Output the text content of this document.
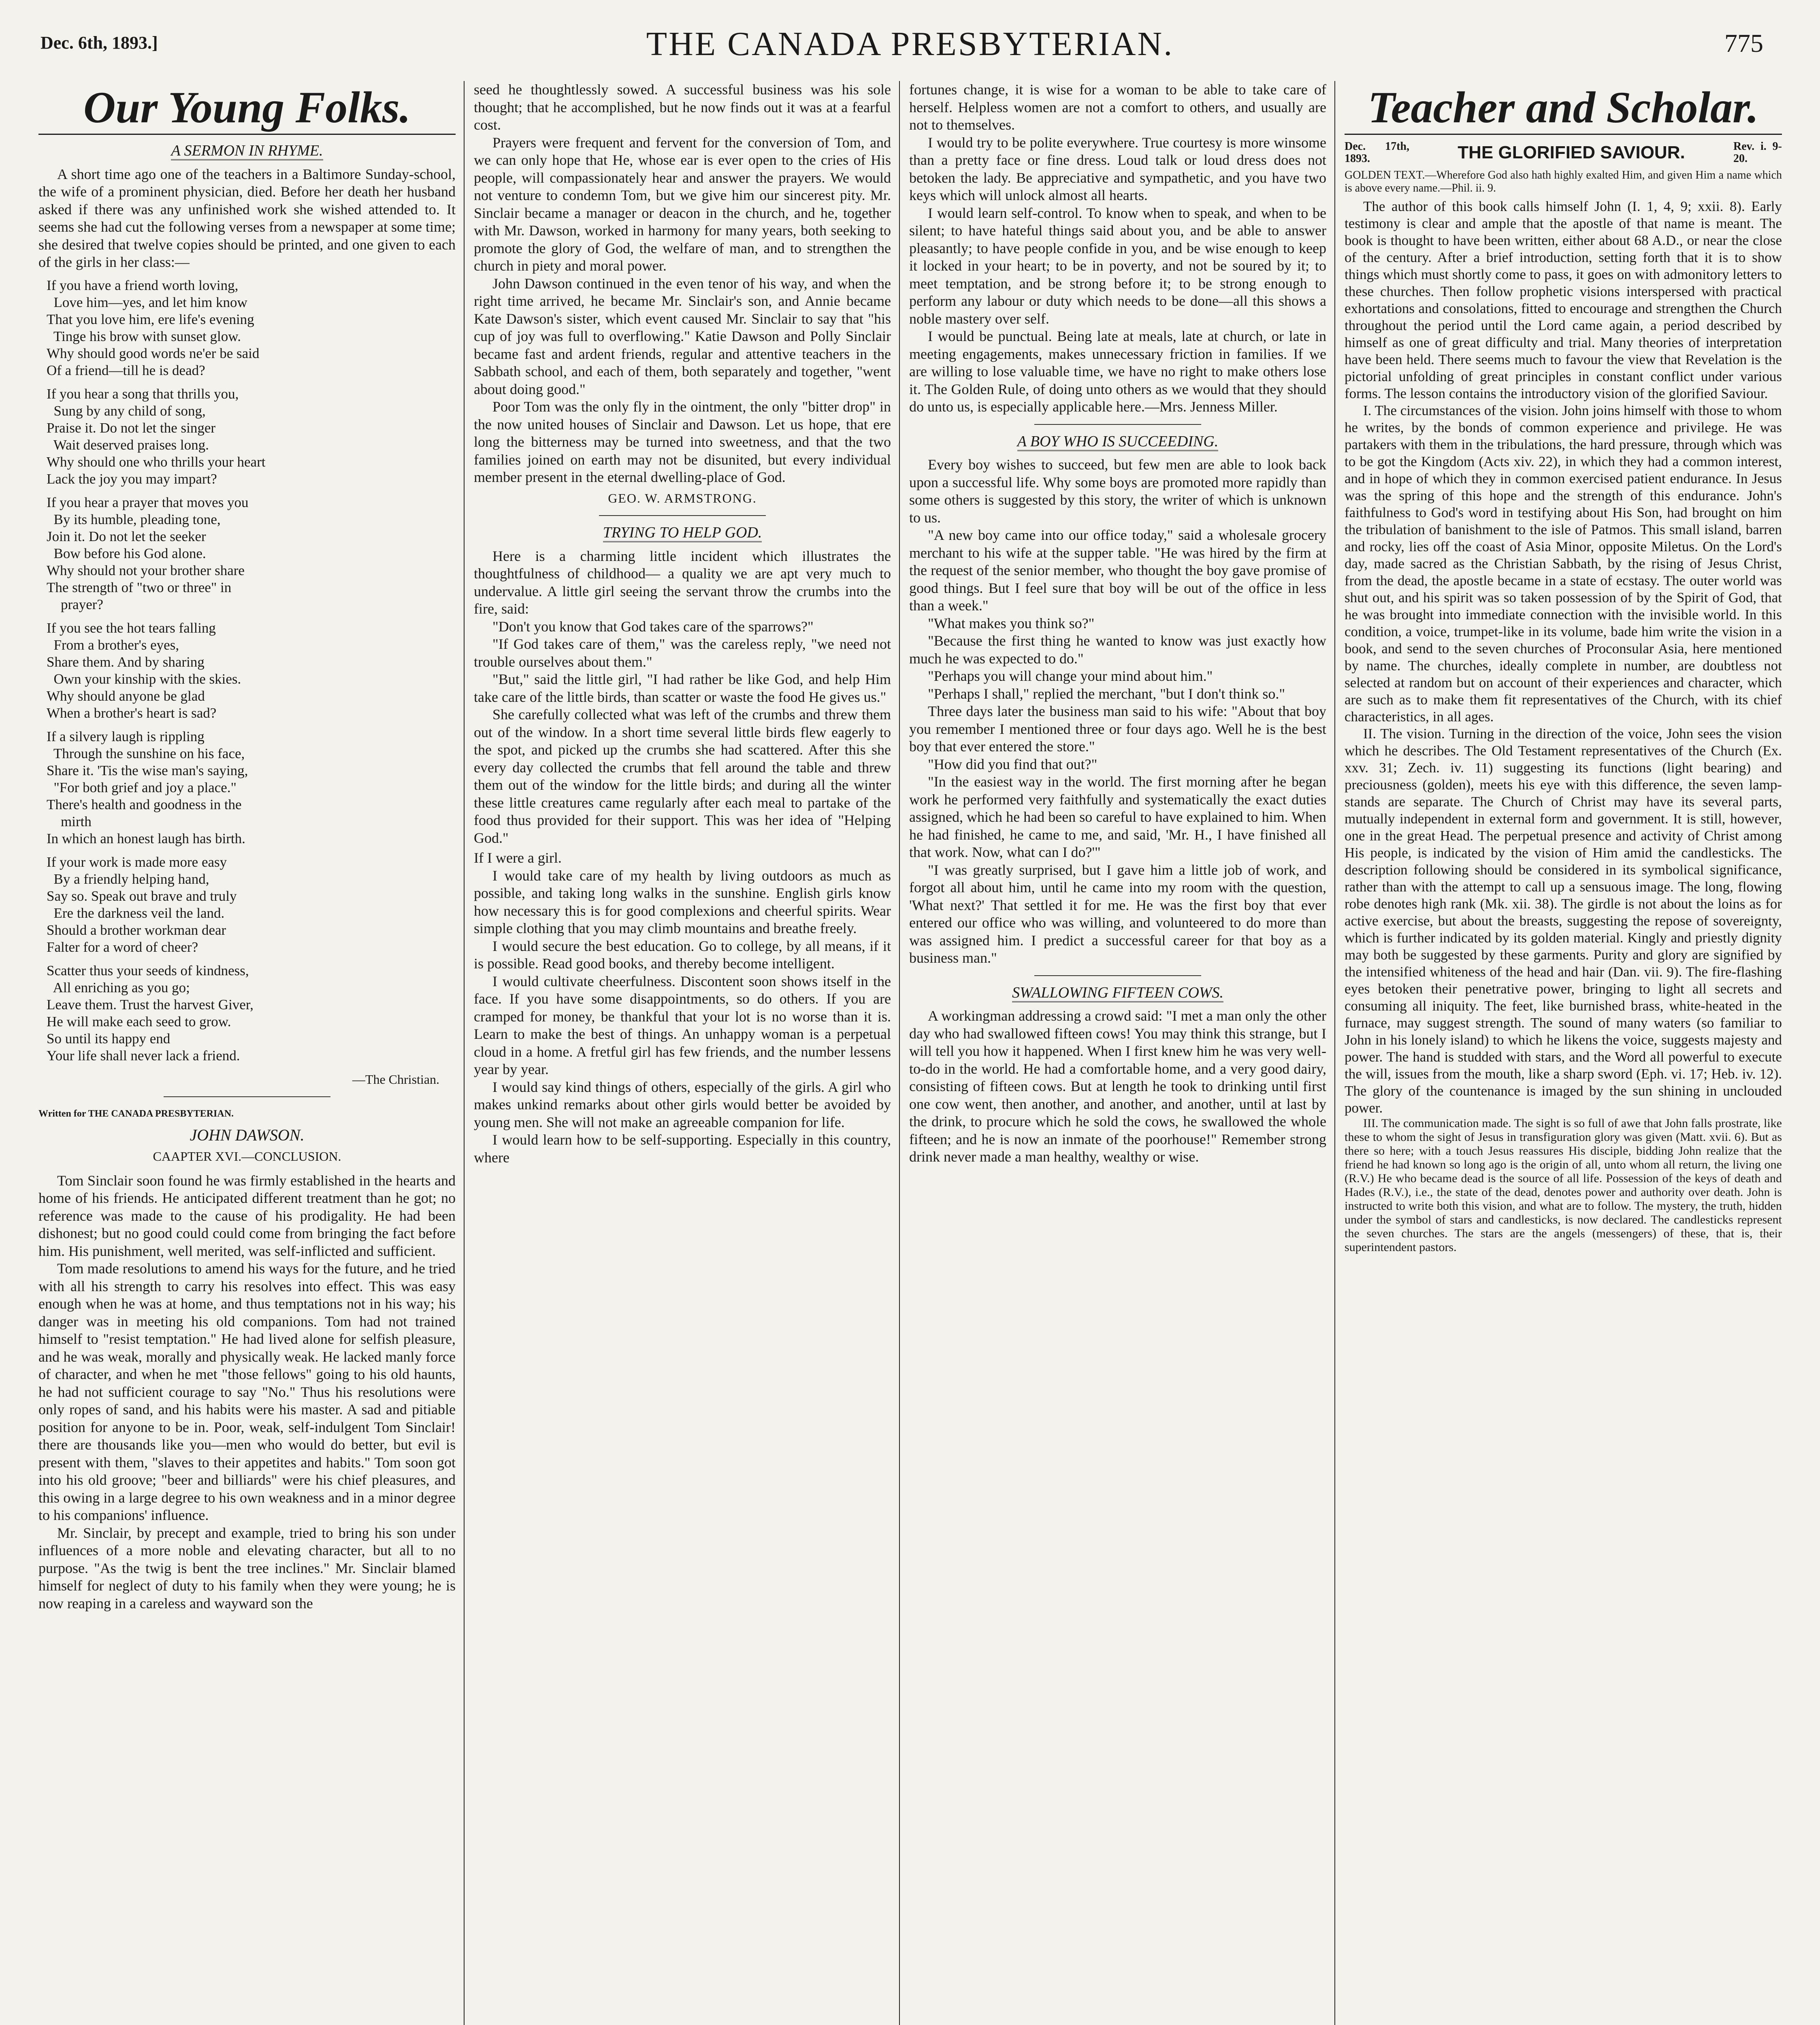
Dec. 6th, 1893.]	THE CANADA PRESBYTERIAN.	775
Our Young Folks.
A SERMON IN RHYME.

A short time ago one of the teachers in a Baltimore Sunday-school, the wife of a prominent physician, died. Before her death her husband asked if there was any unfinished work she wished attended to. It seems she had cut the following verses from a newspaper at some time; she desired that twelve copies should be printed, and one given to each of the girls in her class:—

If you have a friend worth loving,
Love him—yes, and let him know
That you love him, ere life's evening
Tinge his brow with sunset glow.
Why should good words ne'er be said
Of a friend—till he is dead?
If you hear a song that thrills you,
Sung by any child of song,
Praise it. Do not let the singer
Wait deserved praises long.
Why should one who thrills your heart
Lack the joy you may impart?
If you hear a prayer that moves you
By its humble, pleading tone,
Join it. Do not let the seeker
Bow before his God alone.
Why should not your brother share
The strength of "two or three" in
prayer?
If you see the hot tears falling
From a brother's eyes,
Share them. And by sharing
Own your kinship with the skies.
Why should anyone be glad
When a brother's heart is sad?
If a silvery laugh is rippling
Through the sunshine on his face,
Share it. 'Tis the wise man's saying,
"For both grief and joy a place."
There's health and goodness in the
mirth
In which an honest laugh has birth.
If your work is made more easy
By a friendly helping hand,
Say so. Speak out brave and truly
Ere the darkness veil the land.
Should a brother workman dear
Falter for a word of cheer?
Scatter thus your seeds of kindness,
All enriching as you go;
Leave them. Trust the harvest Giver,
He will make each seed to grow.
So until its happy end
Your life shall never lack a friend.
—The Christian.
Written for THE CANADA PRESBYTERIAN.
JOHN DAWSON.
CAAPTER XVI.—CONCLUSION.

Tom Sinclair soon found he was firmly established in the hearts and home of his friends. He anticipated different treatment than he got; no reference was made to the cause of his prodigality. He had been dishonest; but no good could could come from bringing the fact before him. His punishment, well merited, was self-inflicted and sufficient.

Tom made resolutions to amend his ways for the future, and he tried with all his strength to carry his resolves into effect. This was easy enough when he was at home, and thus temptations not in his way; his danger was in meeting his old companions. Tom had not trained himself to "resist temptation." He had lived alone for selfish pleasure, and he was weak, morally and physically weak. He lacked manly force of character, and when he met "those fellows" going to his old haunts, he had not sufficient courage to say "No." Thus his resolutions were only ropes of sand, and his habits were his master. A sad and pitiable position for anyone to be in. Poor, weak, self-indulgent Tom Sinclair! there are thousands like you—men who would do better, but evil is present with them, "slaves to their appetites and habits." Tom soon got into his old groove; "beer and billiards" were his chief pleasures, and this owing in a large degree to his own weakness and in a minor degree to his companions' influence.

Mr. Sinclair, by precept and example, tried to bring his son under influences of a more noble and elevating character, but all to no purpose. "As the twig is bent the tree inclines." Mr. Sinclair blamed himself for neglect of duty to his family when they were young; he is now reaping in a careless and wayward son the

seed he thoughtlessly sowed. A successful business was his sole thought; that he accomplished, but he now finds out it was at a fearful cost.

Prayers were frequent and fervent for the conversion of Tom, and we can only hope that He, whose ear is ever open to the cries of His people, will compassionately hear and answer the prayers. We would not venture to condemn Tom, but we give him our sincerest pity. Mr. Sinclair became a manager or deacon in the church, and he, together with Mr. Dawson, worked in harmony for many years, both seeking to promote the glory of God, the welfare of man, and to strengthen the church in piety and moral power.

John Dawson continued in the even tenor of his way, and when the right time arrived, he became Mr. Sinclair's son, and Annie became Kate Dawson's sister, which event caused Mr. Sinclair to say that "his cup of joy was full to overflowing." Katie Dawson and Polly Sinclair became fast and ardent friends, regular and attentive teachers in the Sabbath school, and each of them, both separately and together, "went about doing good."

Poor Tom was the only fly in the ointment, the only "bitter drop" in the now united houses of Sinclair and Dawson. Let us hope, that ere long the bitterness may be turned into sweetness, and that the two families joined on earth may not be disunited, but every individual member present in the eternal dwelling-place of God.

GEO. W. ARMSTRONG.
TRYING TO HELP GOD.

Here is a charming little incident which illustrates the thoughtfulness of childhood— a quality we are apt very much to undervalue. A little girl seeing the servant throw the crumbs into the fire, said:

"Don't you know that God takes care of the sparrows?"

"If God takes care of them," was the careless reply, "we need not trouble ourselves about them."

"But," said the little girl, "I had rather be like God, and help Him take care of the little birds, than scatter or waste the food He gives us."

She carefully collected what was left of the crumbs and threw them out of the window. In a short time several little birds flew eagerly to the spot, and picked up the crumbs she had scattered. After this she every day collected the crumbs that fell around the table and threw them out of the window for the little birds; and during all the winter these little creatures came regularly after each meal to partake of the food thus provided for their support. This was her idea of "Helping God."

If I were a girl.

I would take care of my health by living outdoors as much as possible, and taking long walks in the sunshine. English girls know how necessary this is for good complexions and cheerful spirits. Wear simple clothing that you may climb mountains and breathe freely.

I would secure the best education. Go to college, by all means, if it is possible. Read good books, and thereby become intelligent.

I would cultivate cheerfulness. Discontent soon shows itself in the face. If you have some disappointments, so do others. If you are cramped for money, be thankful that your lot is no worse than it is. Learn to make the best of things. An unhappy woman is a perpetual cloud in a home. A fretful girl has few friends, and the number lessens year by year.

I would say kind things of others, especially of the girls. A girl who makes unkind remarks about other girls would better be avoided by young men. She will not make an agreeable companion for life.

I would learn how to be self-supporting. Especially in this country, where

fortunes change, it is wise for a woman to be able to take care of herself. Helpless women are not a comfort to others, and usually are not to themselves.

I would try to be polite everywhere. True courtesy is more winsome than a pretty face or fine dress. Loud talk or loud dress does not betoken the lady. Be appreciative and sympathetic, and you have two keys which will unlock almost all hearts.

I would learn self-control. To know when to speak, and when to be silent; to have hateful things said about you, and be able to answer pleasantly; to have people confide in you, and be wise enough to keep it locked in your heart; to be in poverty, and not be soured by it; to meet temptation, and be strong before it; to be strong enough to perform any labour or duty which needs to be done—all this shows a noble mastery over self.

I would be punctual. Being late at meals, late at church, or late in meeting engagements, makes unnecessary friction in families. If we are willing to lose valuable time, we have no right to make others lose it. The Golden Rule, of doing unto others as we would that they should do unto us, is especially applicable here.—Mrs. Jenness Miller.

A BOY WHO IS SUCCEEDING.

Every boy wishes to succeed, but few men are able to look back upon a successful life. Why some boys are promoted more rapidly than some others is suggested by this story, the writer of which is unknown to us.

"A new boy came into our office today," said a wholesale grocery merchant to his wife at the supper table. "He was hired by the firm at the request of the senior member, who thought the boy gave promise of good things. But I feel sure that boy will be out of the office in less than a week."

"What makes you think so?"

"Because the first thing he wanted to know was just exactly how much he was expected to do."

"Perhaps you will change your mind about him."

"Perhaps I shall," replied the merchant, "but I don't think so."

Three days later the business man said to his wife: "About that boy you remember I mentioned three or four days ago. Well he is the best boy that ever entered the store."

"How did you find that out?"

"In the easiest way in the world. The first morning after he began work he performed very faithfully and systematically the exact duties assigned, which he had been so careful to have explained to him. When he had finished, he came to me, and said, 'Mr. H., I have finished all that work. Now, what can I do?'"

"I was greatly surprised, but I gave him a little job of work, and forgot all about him, until he came into my room with the question, 'What next?' That settled it for me. He was the first boy that ever entered our office who was willing, and volunteered to do more than was assigned him. I predict a successful career for that boy as a business man."

SWALLOWING FIFTEEN COWS.

A workingman addressing a crowd said: "I met a man only the other day who had swallowed fifteen cows! You may think this strange, but I will tell you how it happened. When I first knew him he was very well-to-do in the world. He had a comfortable home, and a very good dairy, consisting of fifteen cows. But at length he took to drinking until first one cow went, then another, and another, and another, until at last by the drink, to procure which he sold the cows, he swallowed the whole fifteen; and he is now an inmate of the poorhouse!" Remember strong drink never made a man healthy, wealthy or wise.

Teacher and Scholar.
Dec. 17th, 1893.	THE GLORIFIED SAVIOUR.	Rev. i. 9-20.
GOLDEN TEXT.—Wherefore God also hath highly exalted Him, and given Him a name which is above every name.—Phil. ii. 9.

The author of this book calls himself John (I. 1, 4, 9; xxii. 8). Early testimony is clear and ample that the apostle of that name is meant. The book is thought to have been written, either about 68 A.D., or near the close of the century. After a brief introduction, setting forth that it is to show things which must shortly come to pass, it goes on with admonitory letters to these churches. Then follow prophetic visions interspersed with practical exhortations and consolations, fitted to encourage and strengthen the Church throughout the period until the Lord came again, a period described by himself as one of great difficulty and trial. Many theories of interpretation have been held. There seems much to favour the view that Revelation is the pictorial unfolding of great principles in constant conflict under various forms. The lesson contains the introductory vision of the glorified Saviour.

I. The circumstances of the vision. John joins himself with those to whom he writes, by the bonds of common experience and privilege. He was partakers with them in the tribulations, the hard pressure, through which was to be got the Kingdom (Acts xiv. 22), in which they had a common interest, and in hope of which they in common exercised patient endurance. In Jesus was the spring of this hope and the strength of this endurance. John's faithfulness to God's word in testifying about His Son, had brought on him the tribulation of banishment to the isle of Patmos. This small island, barren and rocky, lies off the coast of Asia Minor, opposite Miletus. On the Lord's day, made sacred as the Christian Sabbath, by the rising of Jesus Christ, from the dead, the apostle became in a state of ecstasy. The outer world was shut out, and his spirit was so taken possession of by the Spirit of God, that he was brought into immediate connection with the invisible world. In this condition, a voice, trumpet-like in its volume, bade him write the vision in a book, and send to the seven churches of Proconsular Asia, here mentioned by name. The churches, ideally complete in number, are doubtless not selected at random but on account of their experiences and character, which are such as to make them fit representatives of the Church, with its chief characteristics, in all ages.

II. The vision. Turning in the direction of the voice, John sees the vision which he describes. The Old Testament representatives of the Church (Ex. xxv. 31; Zech. iv. 11) suggesting its functions (light bearing) and preciousness (golden), meets his eye with this difference, the seven lamp-stands are separate. The Church of Christ may have its several parts, mutually independent in external form and government. It is still, however, one in the great Head. The perpetual presence and activity of Christ among His people, is indicated by the vision of Him amid the candlesticks. The description following should be considered in its symbolical significance, rather than with the attempt to call up a sensuous image. The long, flowing robe denotes high rank (Mk. xii. 38). The girdle is not about the loins as for active exercise, but about the breasts, suggesting the repose of sovereignty, which is further indicated by its golden material. Kingly and priestly dignity may both be suggested by these garments. Purity and glory are signified by the intensified whiteness of the head and hair (Dan. vii. 9). The fire-flashing eyes betoken their penetrative power, bringing to light all secrets and consuming all iniquity. The feet, like burnished brass, white-heated in the furnace, may suggest strength. The sound of many waters (so familiar to John in his lonely island) to which he likens the voice, suggests majesty and power. The hand is studded with stars, and the Word all powerful to execute the will, issues from the mouth, like a sharp sword (Eph. vi. 17; Heb. iv. 12). The glory of the countenance is imaged by the sun shining in unclouded power.

III. The communication made. The sight is so full of awe that John falls prostrate, like these to whom the sight of Jesus in transfiguration glory was given (Matt. xvii. 6). But as there so here; with a touch Jesus reassures His disciple, bidding John realize that the friend he had known so long ago is the origin of all, unto whom all return, the living one (R.V.) He who became dead is the source of all life. Possession of the keys of death and Hades (R.V.), i.e., the state of the dead, denotes power and authority over death. John is instructed to write both this vision, and what are to follow. The mystery, the truth, hidden under the symbol of stars and candlesticks, is now declared. The candlesticks represent the seven churches. The stars are the angels (messengers) of these, that is, their superintendent pastors.
